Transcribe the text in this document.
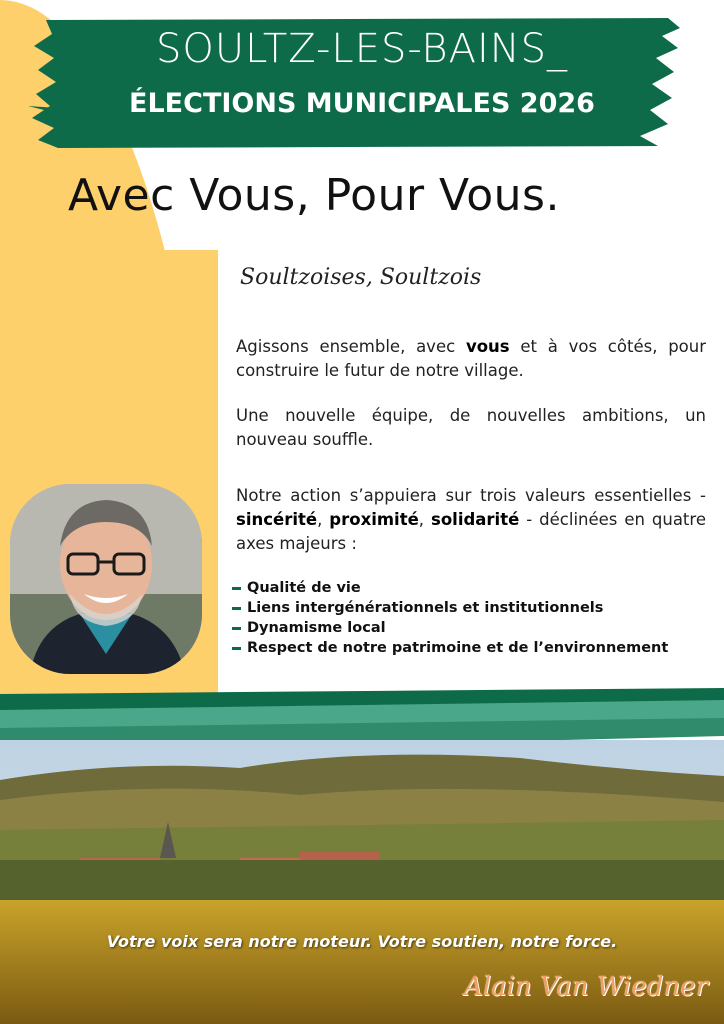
SOULTZ-LES-BAINS_
ÉLECTIONS MUNICIPALES 2026
Avec Vous, Pour Vous.
Soultzoises, Soultzois
Agissons ensemble, avec vous et à vos côtés, pour construire le futur de notre village.
Une nouvelle équipe, de nouvelles ambitions, un nouveau souffle.
Notre action s’appuiera sur trois valeurs essentielles - sincérité, proximité, solidarité - déclinées en quatre axes majeurs :
Qualité de vie
Liens intergénérationnels et institutionnels
Dynamisme local
Respect de notre patrimoine et de l’environnement
Votre voix sera notre moteur. Votre soutien, notre force.
Alain Van Wiedner
